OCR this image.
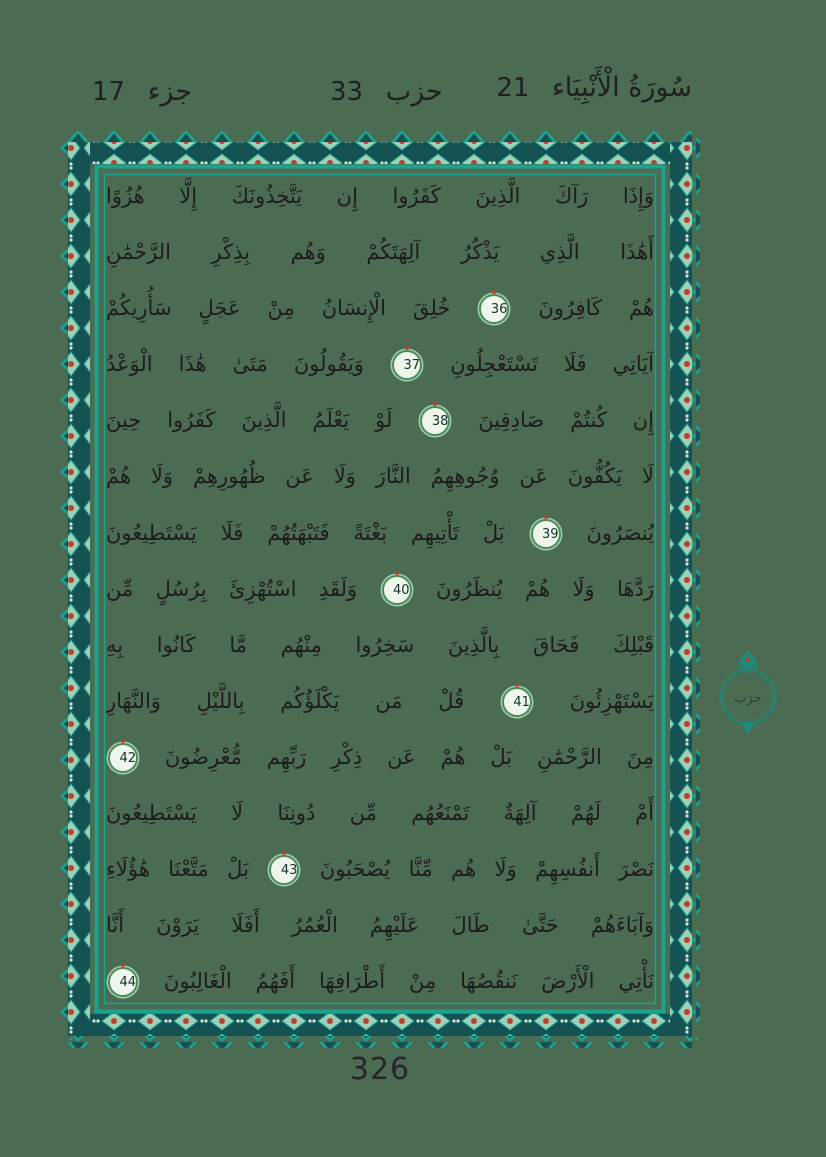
جزء 17	حزب 33	سُورَةُ الْأَنْبِيَاء 21
وَإِذَا رَآكَ الَّذِينَ كَفَرُوا إِن يَتَّخِذُونَكَ إِلَّا هُزُوًا
أَهَٰذَا الَّذِي يَذْكُرُ آلِهَتَكُمْ وَهُم بِذِكْرِ الرَّحْمَٰنِ
هُمْ كَافِرُونَ 36 خُلِقَ الْإِنسَانُ مِنْ عَجَلٍ سَأُرِيكُمْ
آيَاتِي فَلَا تَسْتَعْجِلُونِ 37 وَيَقُولُونَ مَتَىٰ هَٰذَا الْوَعْدُ
إِن كُنتُمْ صَادِقِينَ 38 لَوْ يَعْلَمُ الَّذِينَ كَفَرُوا حِينَ
لَا يَكُفُّونَ عَن وُجُوهِهِمُ النَّارَ وَلَا عَن ظُهُورِهِمْ وَلَا هُمْ
يُنصَرُونَ 39 بَلْ تَأْتِيهِم بَغْتَةً فَتَبْهَتُهُمْ فَلَا يَسْتَطِيعُونَ
رَدَّهَا وَلَا هُمْ يُنظَرُونَ 40 وَلَقَدِ اسْتُهْزِئَ بِرُسُلٍ مِّن
قَبْلِكَ فَحَاقَ بِالَّذِينَ سَخِرُوا مِنْهُم مَّا كَانُوا بِهِ
يَسْتَهْزِئُونَ 41 قُلْ مَن يَكْلَؤُكُم بِاللَّيْلِ وَالنَّهَارِ
مِنَ الرَّحْمَٰنِ بَلْ هُمْ عَن ذِكْرِ رَبِّهِم مُّعْرِضُونَ 42
أَمْ لَهُمْ آلِهَةٌ تَمْنَعُهُم مِّن دُونِنَا لَا يَسْتَطِيعُونَ
نَصْرَ أَنفُسِهِمْ وَلَا هُم مِّنَّا يُصْحَبُونَ 43 بَلْ مَتَّعْنَا هَٰؤُلَاءِ
وَآبَاءَهُمْ حَتَّىٰ طَالَ عَلَيْهِمُ الْعُمُرُ أَفَلَا يَرَوْنَ أَنَّا
نَأْتِي الْأَرْضَ نَنقُصُهَا مِنْ أَطْرَافِهَا أَفَهُمُ الْغَالِبُونَ 44
حزب
326
